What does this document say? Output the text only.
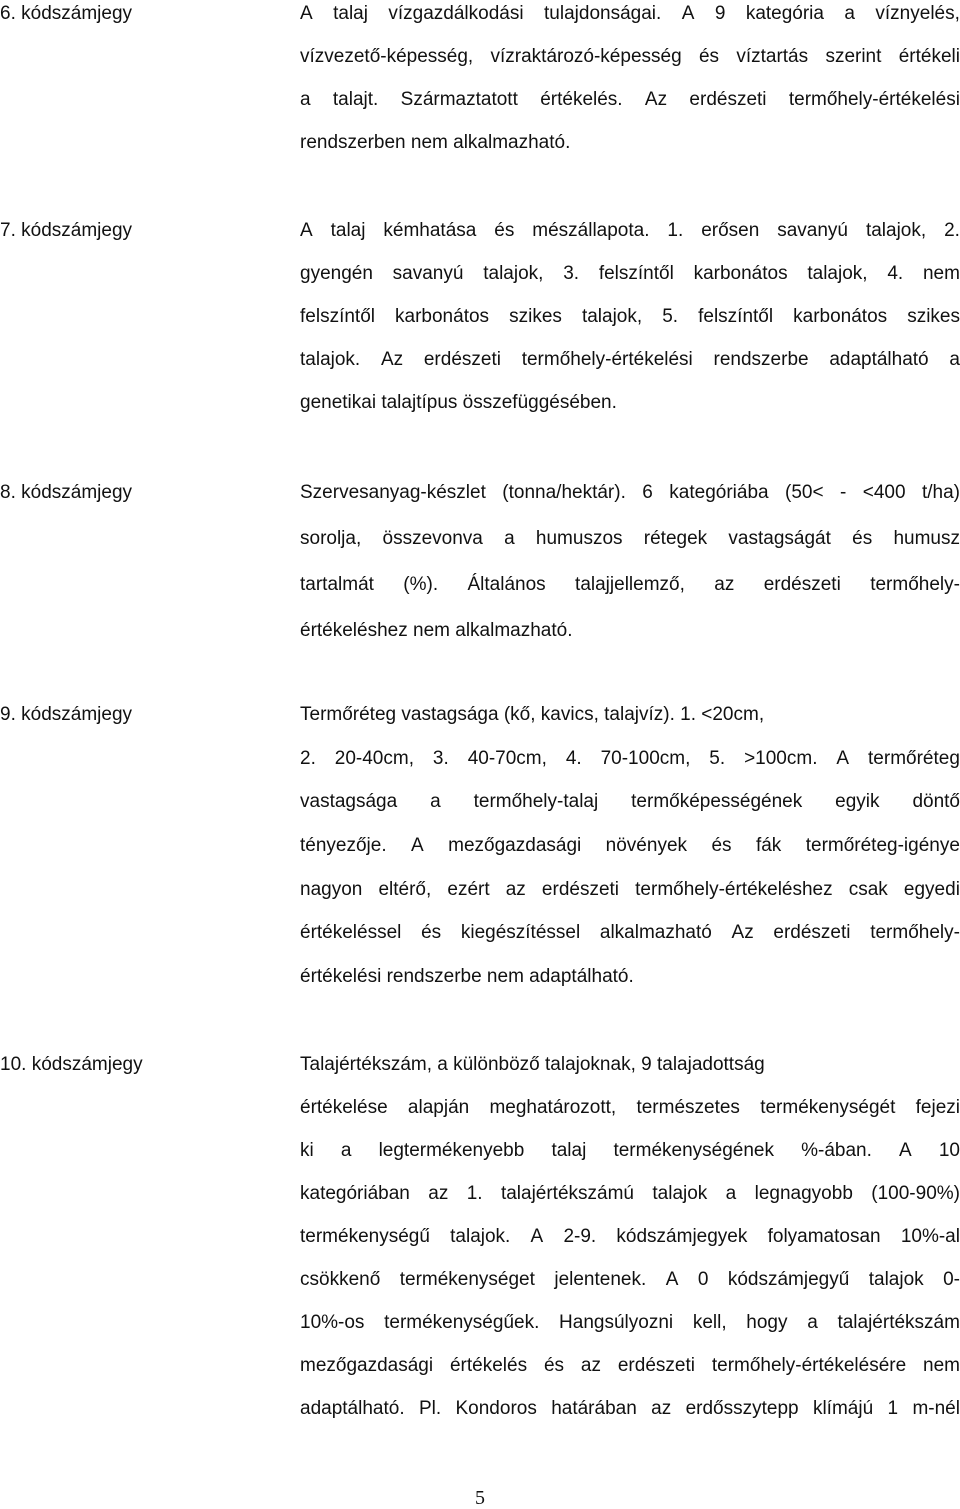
6. kódszámjegy	A talaj vízgazdálkodási tulajdonságai. A 9 kategória a víznyelés,
vízvezető-képesség, vízraktározó-képesség és víztartás szerint értékeli
a talajt. Származtatott értékelés. Az erdészeti termőhely-értékelési
rendszerben nem alkalmazható.
7. kódszámjegy	A talaj kémhatása és mészállapota. 1. erősen savanyú talajok, 2.
gyengén savanyú talajok, 3. felszíntől karbonátos talajok, 4. nem
felszíntől karbonátos szikes talajok, 5. felszíntől karbonátos szikes
talajok. Az erdészeti termőhely-értékelési rendszerbe adaptálható a
genetikai talajtípus összefüggésében.
8. kódszámjegy	Szervesanyag-készlet (tonna/hektár). 6 kategóriába (50< - <400 t/ha)
sorolja, összevonva a humuszos rétegek vastagságát és humusz
tartalmát (%). Általános talajjellemző, az erdészeti termőhely-
értékeléshez nem alkalmazható.
9. kódszámjegy	Termőréteg vastagsága (kő, kavics, talajvíz). 1. <20cm,
2. 20-40cm, 3. 40-70cm, 4. 70-100cm, 5. >100cm. A termőréteg
vastagsága a termőhely-talaj termőképességének egyik döntő
tényezője. A mezőgazdasági növények és fák termőréteg-igénye
nagyon eltérő, ezért az erdészeti termőhely-értékeléshez csak egyedi
értékeléssel és kiegészítéssel alkalmazható Az erdészeti termőhely-
értékelési rendszerbe nem adaptálható.
10. kódszámjegy	Talajértékszám, a különböző talajoknak, 9 talajadottság
értékelése alapján meghatározott, természetes termékenységét fejezi
ki a legtermékenyebb talaj termékenységének %-ában. A 10
kategóriában az 1. talajértékszámú talajok a legnagyobb (100-90%)
termékenységű talajok. A 2-9. kódszámjegyek folyamatosan 10%-al
csökkenő termékenységet jelentenek. A 0 kódszámjegyű talajok 0-
10%-os termékenységűek. Hangsúlyozni kell, hogy a talajértékszám
mezőgazdasági értékelés és az erdészeti termőhely-értékelésére nem
adaptálható. Pl. Kondoros határában az erdősszytepp klímájú 1 m-nél
5
